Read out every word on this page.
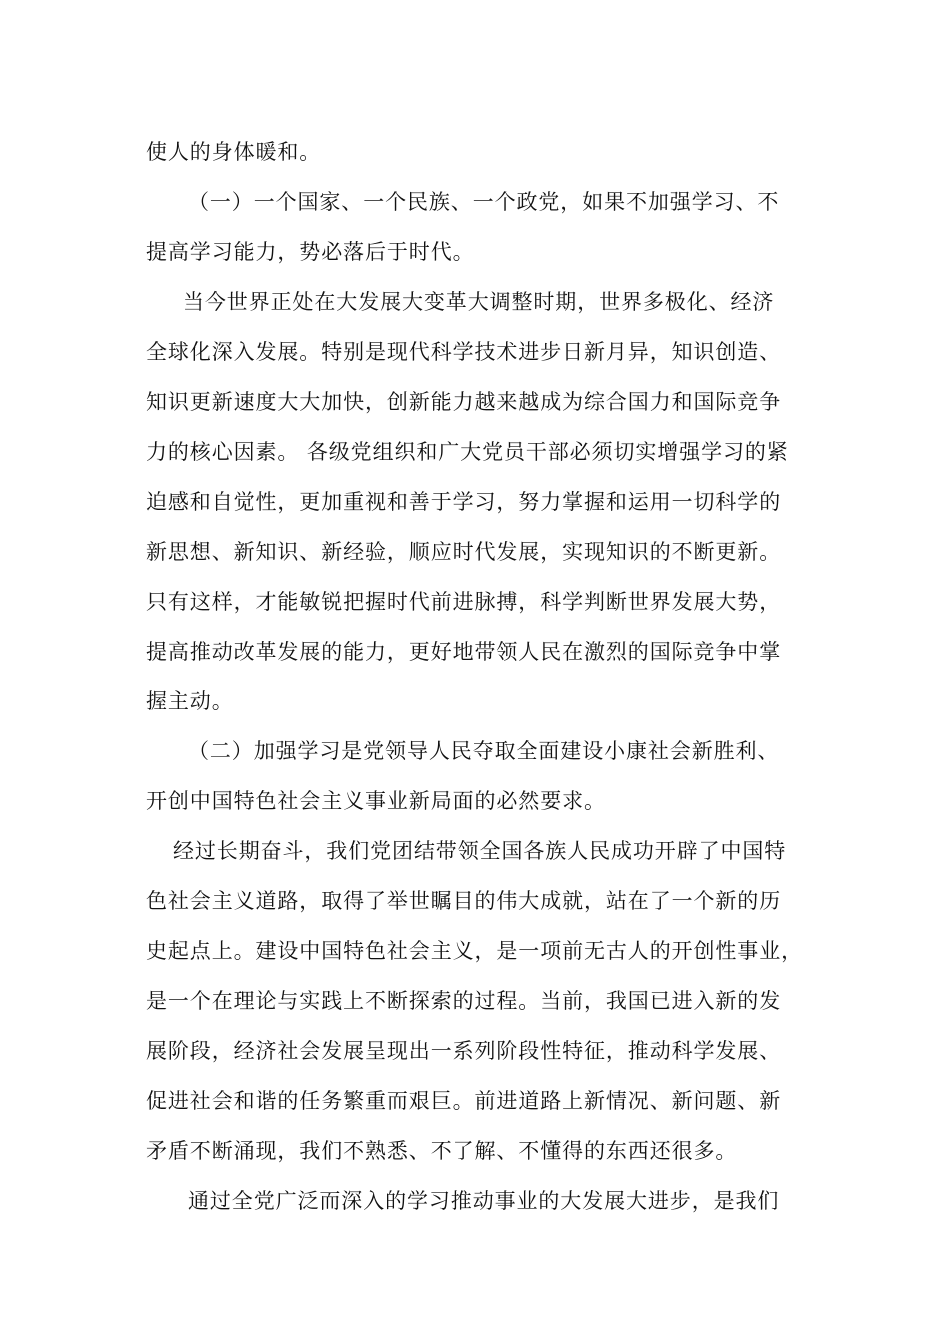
使人的身体暖和。
（一）一个国家、一个民族、一个政党，如果不加强学习、不
提高学习能力，势必落后于时代。
当今世界正处在大发展大变革大调整时期，世界多极化、经济
全球化深入发展。特别是现代科学技术进步日新月异，知识创造、
知识更新速度大大加快，创新能力越来越成为综合国力和国际竞争
力的核心因素。 各级党组织和广大党员干部必须切实增强学习的紧
迫感和自觉性，更加重视和善于学习，努力掌握和运用一切科学的
新思想、新知识、新经验，顺应时代发展，实现知识的不断更新。
只有这样，才能敏锐把握时代前进脉搏，科学判断世界发展大势，
提高推动改革发展的能力，更好地带领人民在激烈的国际竞争中掌
握主动。
（二）加强学习是党领导人民夺取全面建设小康社会新胜利、
开创中国特色社会主义事业新局面的必然要求。
经过长期奋斗，我们党团结带领全国各族人民成功开辟了中国特
色社会主义道路，取得了举世瞩目的伟大成就，站在了一个新的历
史起点上。建设中国特色社会主义，是一项前无古人的开创性事业，
是一个在理论与实践上不断探索的过程。当前，我国已进入新的发
展阶段，经济社会发展呈现出一系列阶段性特征，推动科学发展、
促进社会和谐的任务繁重而艰巨。前进道路上新情况、新问题、新
矛盾不断涌现，我们不熟悉、不了解、不懂得的东西还很多。
通过全党广泛而深入的学习推动事业的大发展大进步，是我们
